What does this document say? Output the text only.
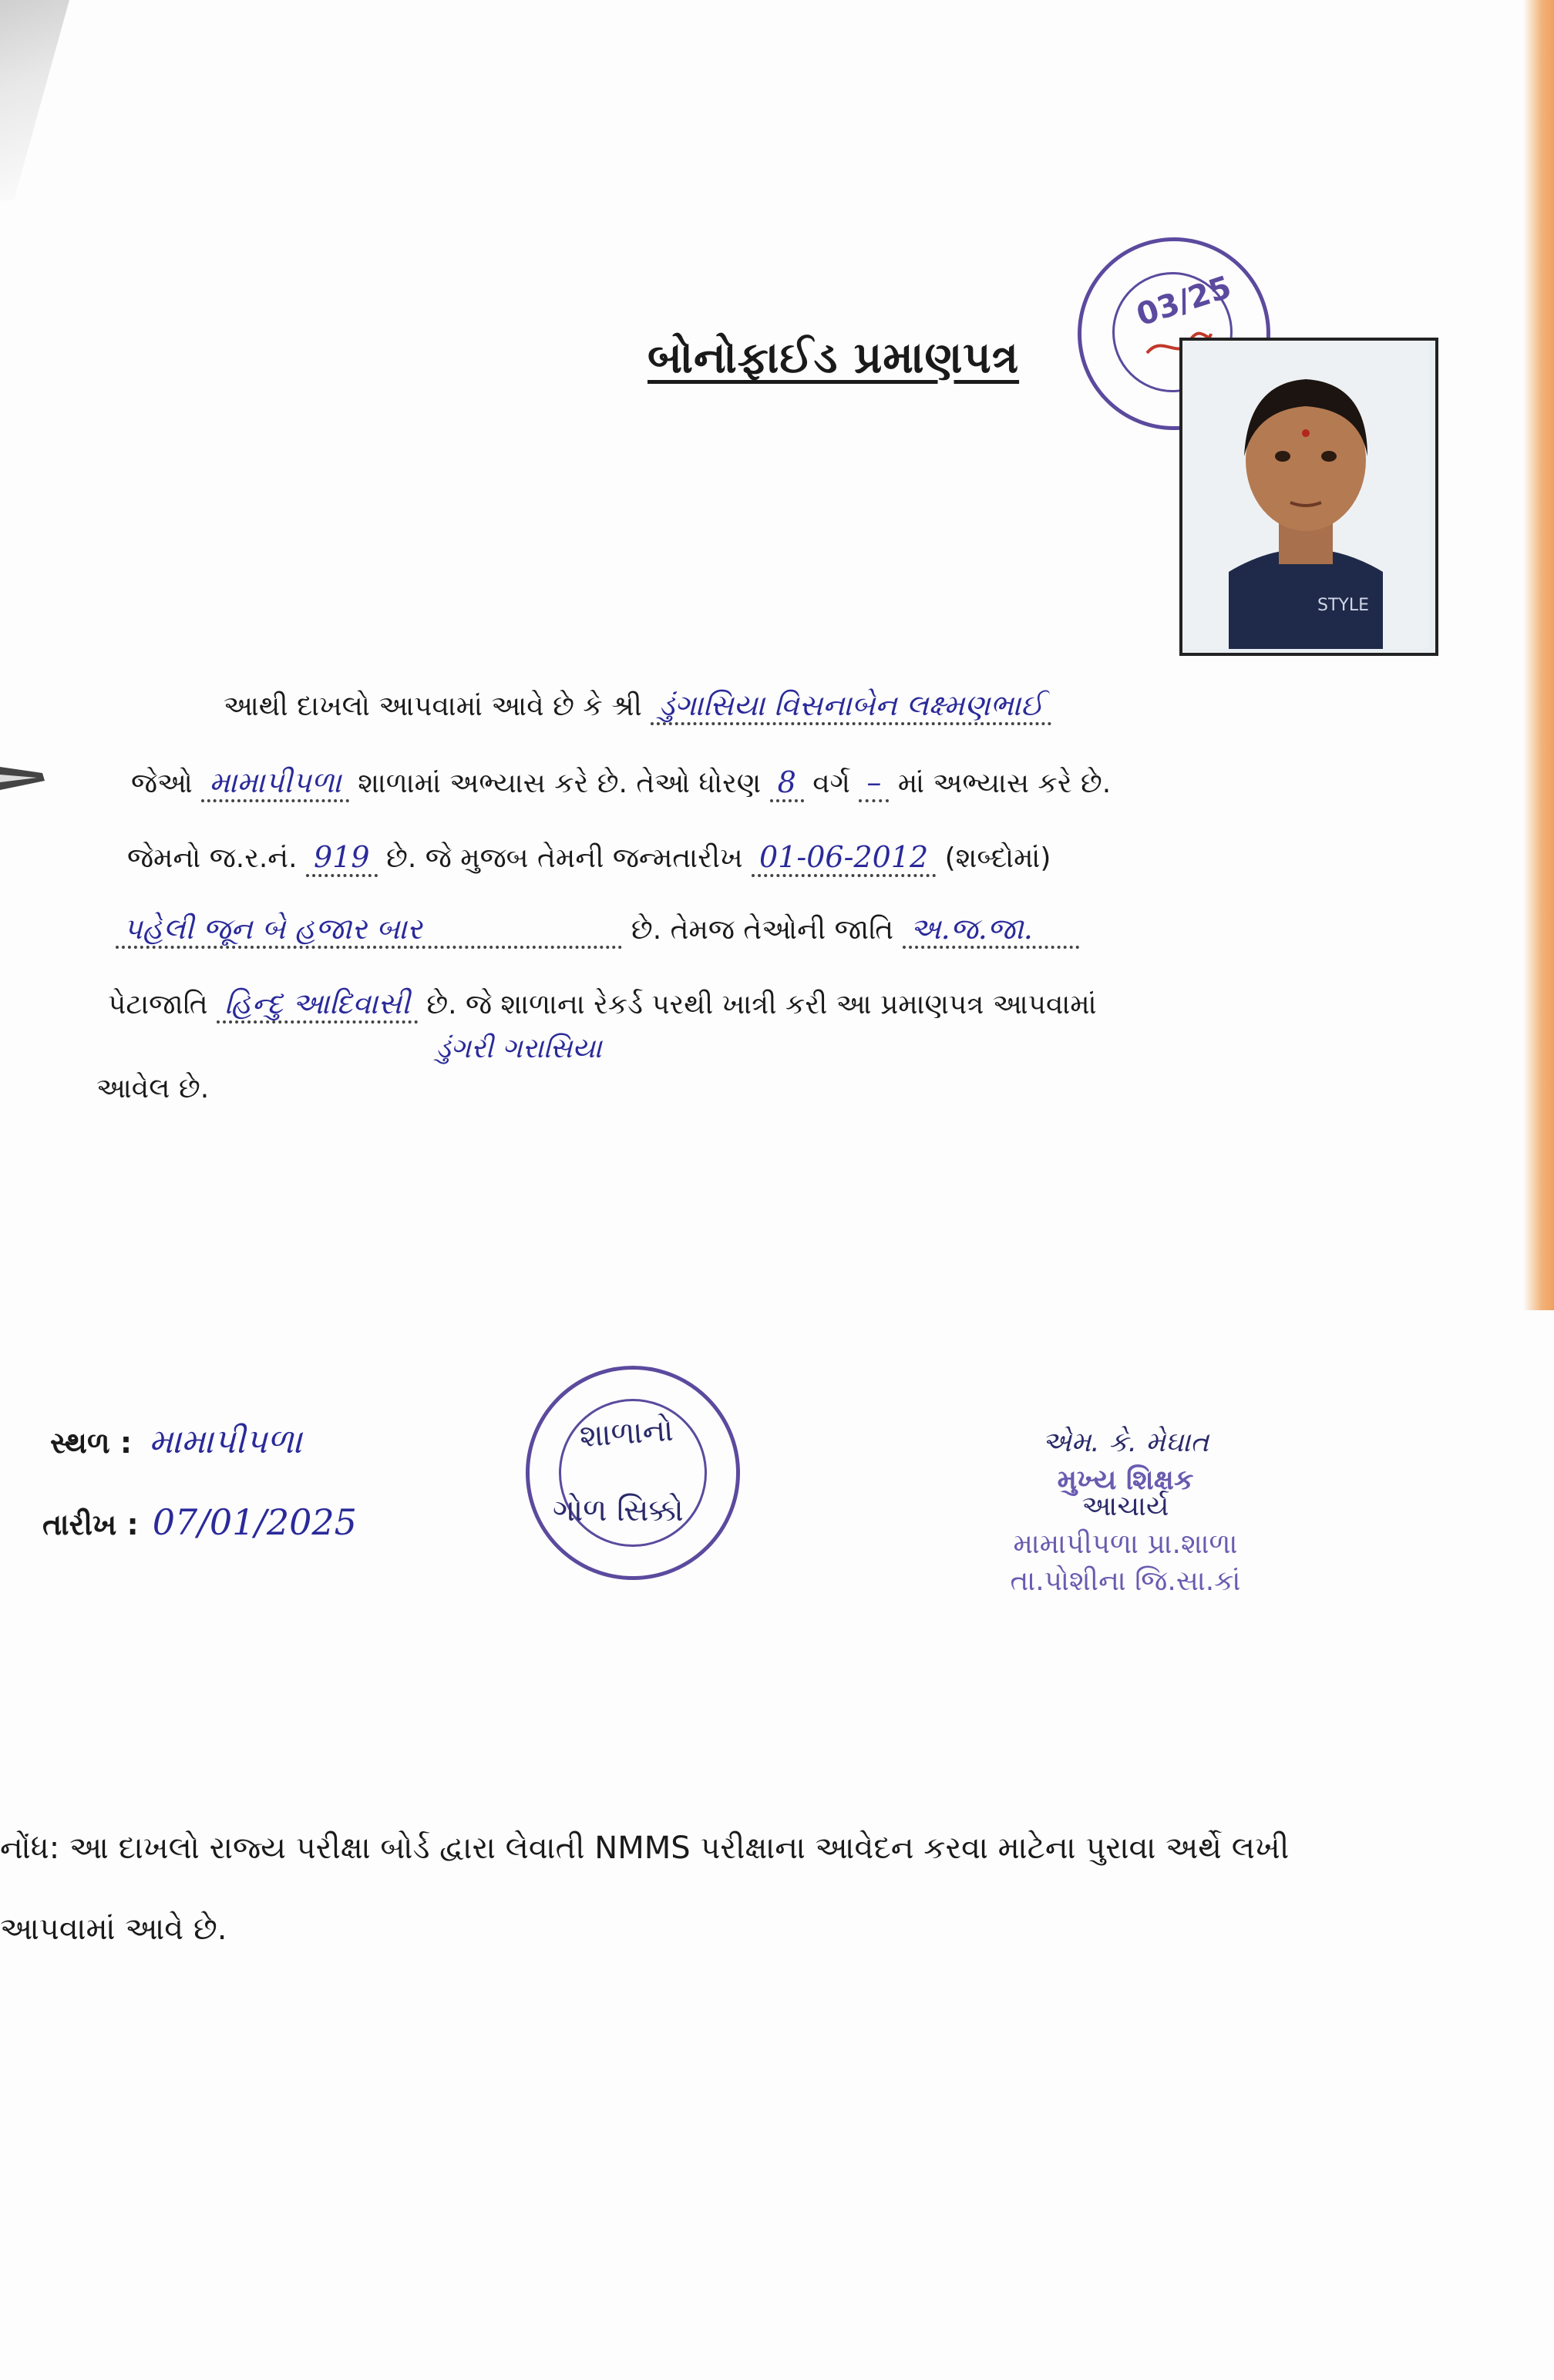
બોનોફાઈડ પ્રમાણપત્ર
03/25
STYLE
આથી દાખલો આપવામાં આવે છે કે શ્રી ડુંગાસિયા વિસનાબેન લક્ષ્મણભાઈ
જેઓ મામાપીપળા શાળામાં અભ્યાસ કરે છે. તેઓ ધોરણ 8 વર્ગ – માં અભ્યાસ કરે છે.
જેમનો જ.ર.નં. 919 છે. જે મુજબ તેમની જન્મતારીખ 01-06-2012 (શબ્દોમાં)
પહેલી જૂન બે હજાર બાર	છે. તેમજ તેઓની જાતિ અ.જ.જા.
પેટાજાતિ હિન્દુ આદિવાસી છે. જે શાળાના રેકર્ડ પરથી ખાત્રી કરી આ પ્રમાણપત્ર આપવામાં
ડુંગરી ગરાસિયા
આવેલ છે.
સ્થળ : મામાપીપળા
તારીખ : 07/01/2025
શાળાનો
ગોળ સિક્કો
એમ. કે. મેઘાત
મુખ્ય શિક્ષક
આચાર્ય
મામાપીપળા પ્રા.શાળા
તા.પોશીના જિ.સા.કાં
નોંધ: આ દાખલો રાજ્ય પરીક્ષા બોર્ડ દ્વારા લેવાતી NMMS પરીક્ષાના આવેદન કરવા માટેના પુરાવા અર્થે લખી
આપવામાં આવે છે.
